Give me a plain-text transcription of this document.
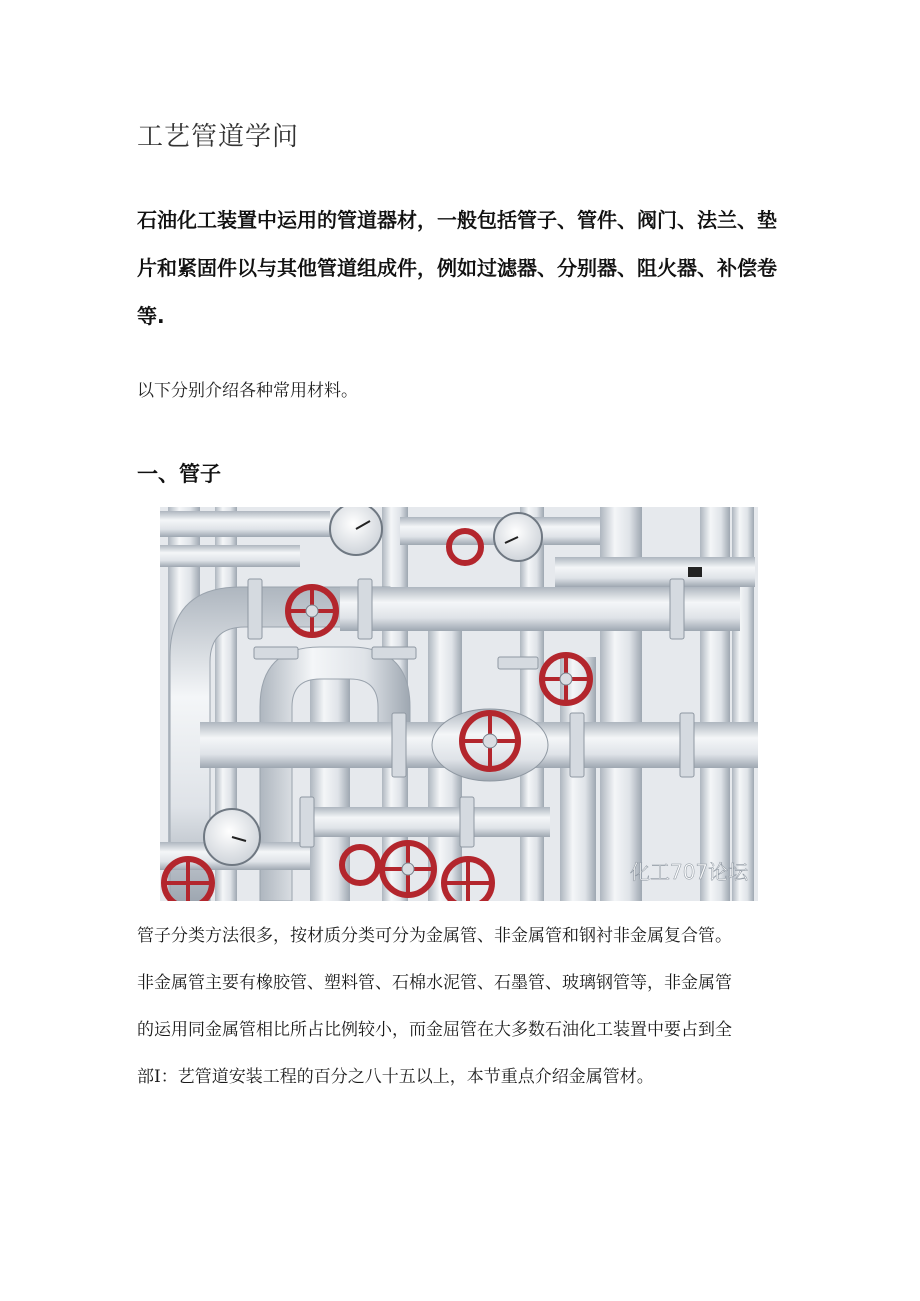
工艺管道学问
石油化工装置中运用的管道器材，一般包括管子、管件、阀门、法兰、垫
片和紧固件以与其他管道组成件，例如过滤器、分别器、阻火器、补偿卷
等.
以下分别介绍各种常用材料。
一、管子
化工707论坛
管子分类方法很多，按材质分类可分为金属管、非金属管和钢衬非金属复合管。
非金属管主要有橡胶管、塑料管、石棉水泥管、石墨管、玻璃钢管等，非金属管
的运用同金属管相比所占比例较小，而金屈管在大多数石油化工装置中要占到全
部I：艺管道安装工程的百分之八十五以上，本节重点介绍金属管材。
